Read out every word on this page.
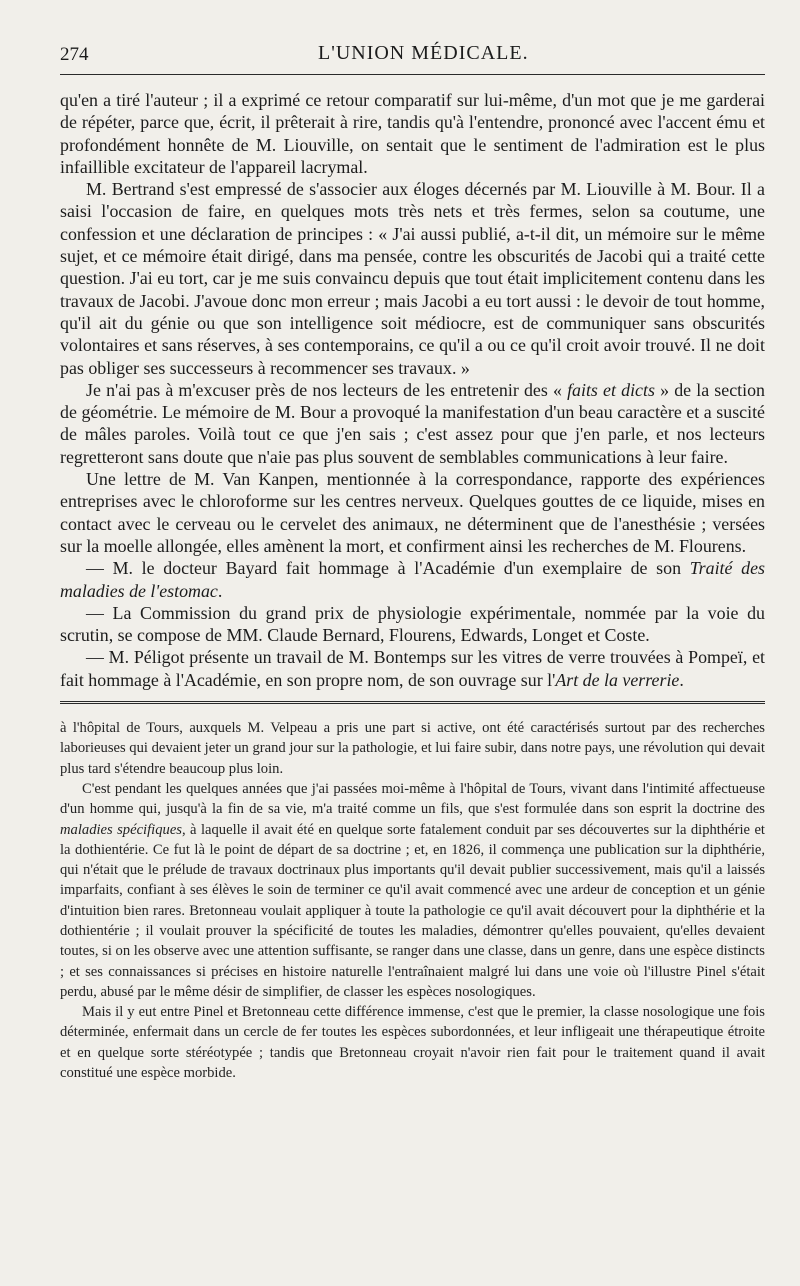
274	L'UNION MÉDICALE.

qu'en a tiré l'auteur ; il a exprimé ce retour comparatif sur lui-même, d'un mot que je me garderai de répéter, parce que, écrit, il prêterait à rire, tandis qu'à l'entendre, prononcé avec l'accent ému et profondément honnête de M. Liouville, on sentait que le sentiment de l'admiration est le plus infaillible excitateur de l'appareil lacrymal.

M. Bertrand s'est empressé de s'associer aux éloges décernés par M. Liouville à M. Bour. Il a saisi l'occasion de faire, en quelques mots très nets et très fermes, selon sa coutume, une confession et une déclaration de principes : « J'ai aussi publié, a-t-il dit, un mémoire sur le même sujet, et ce mémoire était dirigé, dans ma pensée, contre les obscurités de Jacobi qui a traité cette question. J'ai eu tort, car je me suis convaincu depuis que tout était implicitement contenu dans les travaux de Jacobi. J'avoue donc mon erreur ; mais Jacobi a eu tort aussi : le devoir de tout homme, qu'il ait du génie ou que son intelligence soit médiocre, est de communiquer sans obscurités volontaires et sans réserves, à ses contemporains, ce qu'il a ou ce qu'il croit avoir trouvé. Il ne doit pas obliger ses successeurs à recommencer ses travaux. »

Je n'ai pas à m'excuser près de nos lecteurs de les entretenir des « faits et dicts » de la section de géométrie. Le mémoire de M. Bour a provoqué la manifestation d'un beau caractère et a suscité de mâles paroles. Voilà tout ce que j'en sais ; c'est assez pour que j'en parle, et nos lecteurs regretteront sans doute que n'aie pas plus souvent de semblables communications à leur faire.

Une lettre de M. Van Kanpen, mentionnée à la correspondance, rapporte des expériences entreprises avec le chloroforme sur les centres nerveux. Quelques gouttes de ce liquide, mises en contact avec le cerveau ou le cervelet des animaux, ne déterminent que de l'anesthésie ; versées sur la moelle allongée, elles amènent la mort, et confirment ainsi les recherches de M. Flourens.

— M. le docteur Bayard fait hommage à l'Académie d'un exemplaire de son Traité des maladies de l'estomac.

— La Commission du grand prix de physiologie expérimentale, nommée par la voie du scrutin, se compose de MM. Claude Bernard, Flourens, Edwards, Longet et Coste.

— M. Péligot présente un travail de M. Bontemps sur les vitres de verre trouvées à Pompeï, et fait hommage à l'Académie, en son propre nom, de son ouvrage sur l'Art de la verrerie.

à l'hôpital de Tours, auxquels M. Velpeau a pris une part si active, ont été caractérisés surtout par des recherches laborieuses qui devaient jeter un grand jour sur la pathologie, et lui faire subir, dans notre pays, une révolution qui devait plus tard s'étendre beaucoup plus loin.

C'est pendant les quelques années que j'ai passées moi-même à l'hôpital de Tours, vivant dans l'intimité affectueuse d'un homme qui, jusqu'à la fin de sa vie, m'a traité comme un fils, que s'est formulée dans son esprit la doctrine des maladies spécifiques, à laquelle il avait été en quelque sorte fatalement conduit par ses découvertes sur la diphthérie et la dothientérie. Ce fut là le point de départ de sa doctrine ; et, en 1826, il commença une publication sur la diphthérie, qui n'était que le prélude de travaux doctrinaux plus importants qu'il devait publier successivement, mais qu'il a laissés imparfaits, confiant à ses élèves le soin de terminer ce qu'il avait commencé avec une ardeur de conception et un génie d'intuition bien rares. Bretonneau voulait appliquer à toute la pathologie ce qu'il avait découvert pour la diphthérie et la dothientérie ; il voulait prouver la spécificité de toutes les maladies, démontrer qu'elles pouvaient, qu'elles devaient toutes, si on les observe avec une attention suffisante, se ranger dans une classe, dans un genre, dans une espèce distincts ; et ses connaissances si précises en histoire naturelle l'entraînaient malgré lui dans une voie où l'illustre Pinel s'était perdu, abusé par le même désir de simplifier, de classer les espèces nosologiques.

Mais il y eut entre Pinel et Bretonneau cette différence immense, c'est que le premier, la classe nosologique une fois déterminée, enfermait dans un cercle de fer toutes les espèces subordonnées, et leur infligeait une thérapeutique étroite et en quelque sorte stéréotypée ; tandis que Bretonneau croyait n'avoir rien fait pour le traitement quand il avait constitué une espèce morbide.
